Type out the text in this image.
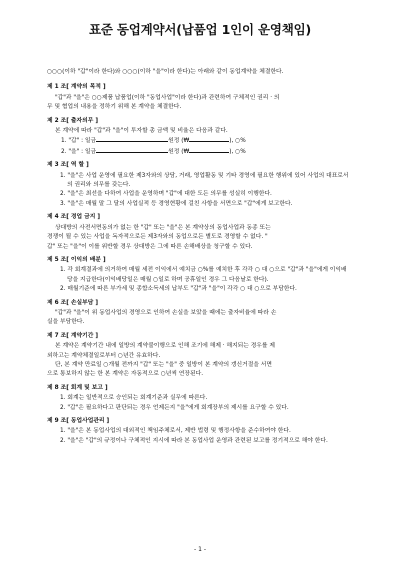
표준 동업계약서(납품업 1인이 운영책임)
○○○(이하 "갑"이라 한다)와 ○○○(이하 "을"이라 한다)는 아래와 같이 동업계약을 체결한다.
제 1 조[ 계약의 목적 ]
"갑"과 "을"은 ○○제품 납품업(이하 "동업사업"이라 한다)과 관련하여 구체적인 권리 · 의
무 및 협업의 내용을 정하기 위해 본 계약을 체결한다.
제 2 조[ 출자의무 ]
본 계약에 따라 "갑"과 "을"이 투자할 총 금액 및 비율은 다음과 같다.
1. "갑" : 일금	원정 (₩	), ○%
2. "을" : 일금	원정 (₩	), ○%
제 3 조[ 역 할 ]
1. "을"은 사업 운영에 필요한 제3자와의 상담, 거래, 영업활동 및 기타 경영에 필요한 행위에 있어 사업의 대표로서의 권리와 의무를 갖는다.
2. "을"은 최선을 다하여 사업을 운영하며 "갑"에 대한 도든 의무를 성실히 이행한다.
3. "을"은 매월 말 그 달의 사업실적 등 경영현황에 걸친 사항을 서면으로 "갑"에게 보고한다.
제 4 조[ 경업 금지 ]
상대방의 사전서면동의가 없는 한 "갑" 또는 "을"은 본 계약상의 동업사업과 동종 또는
경쟁이 될 수 있는 사업을 독자적으로든 제3자와의 동업으로든 별도로 경영할 수 없다. "
갑" 또는 "을"이 이를 위반할 경우 상대방은 그에 따른 손해배상을 청구할 수 있다.
제 5 조[ 이익의 배분 ]
1. 각 회계결과에 의거하여 매월 세전 이익에서 예치금 ○%를 예치한 후 각각 ○ 대 ○으로 "갑"과 "을"에게 이익배당을 지급한다(이익배당일은 매월 ○일로 하며 공휴일인 경우 그 다음날로 한다).
2. 매월기준에 따른 부가세 및 종합소득세의 납부도 "갑"과 "을"이 각각 ○ 대 ○으로 부담한다.
제 6 조[ 손실부담 ]
"갑"과 "을"이 위 동업사업의 경영으로 인하여 손실을 보았을 때에는 출자비율에 따라 손
실을 부담한다.
제 7 조[ 계약기간 ]
본 계약은 계약기간 내에 일방의 계약불이행으로 인해 조기에 해제 · 해지되는 경우를 제
외하고는 계약체결일로부터 ○년간 유효하다.
단, 본 계약 만료일 ○개월 전까지 "갑" 또는 "을" 중 일방이 본 계약의 갱신거절을 서면
으로 통보하지 않는 한 본 계약은 자동적으로 ○년씩 연장된다.
제 8 조[ 회계 및 보고 ]
1. 회계는 일반적으로 승인되는 회계기준과 실무에 따른다.
2. "갑"은 필요하다고 판단되는 경우 언제든지 "을"에게 회계장부의 제시를 요구할 수 있다.
제 9 조[ 동업사업관리 ]
1. "을"은 본 동업사업의 대외적인 책임주체로서, 제반 법령 및 행정사항을 준수하여야 한다.
2. "을"은 "갑"의 규정이나 구체적인 지시에 따라 본 동업사업 운영과 관련된 보고를 정기적으로 해야 한다.
- 1 -
